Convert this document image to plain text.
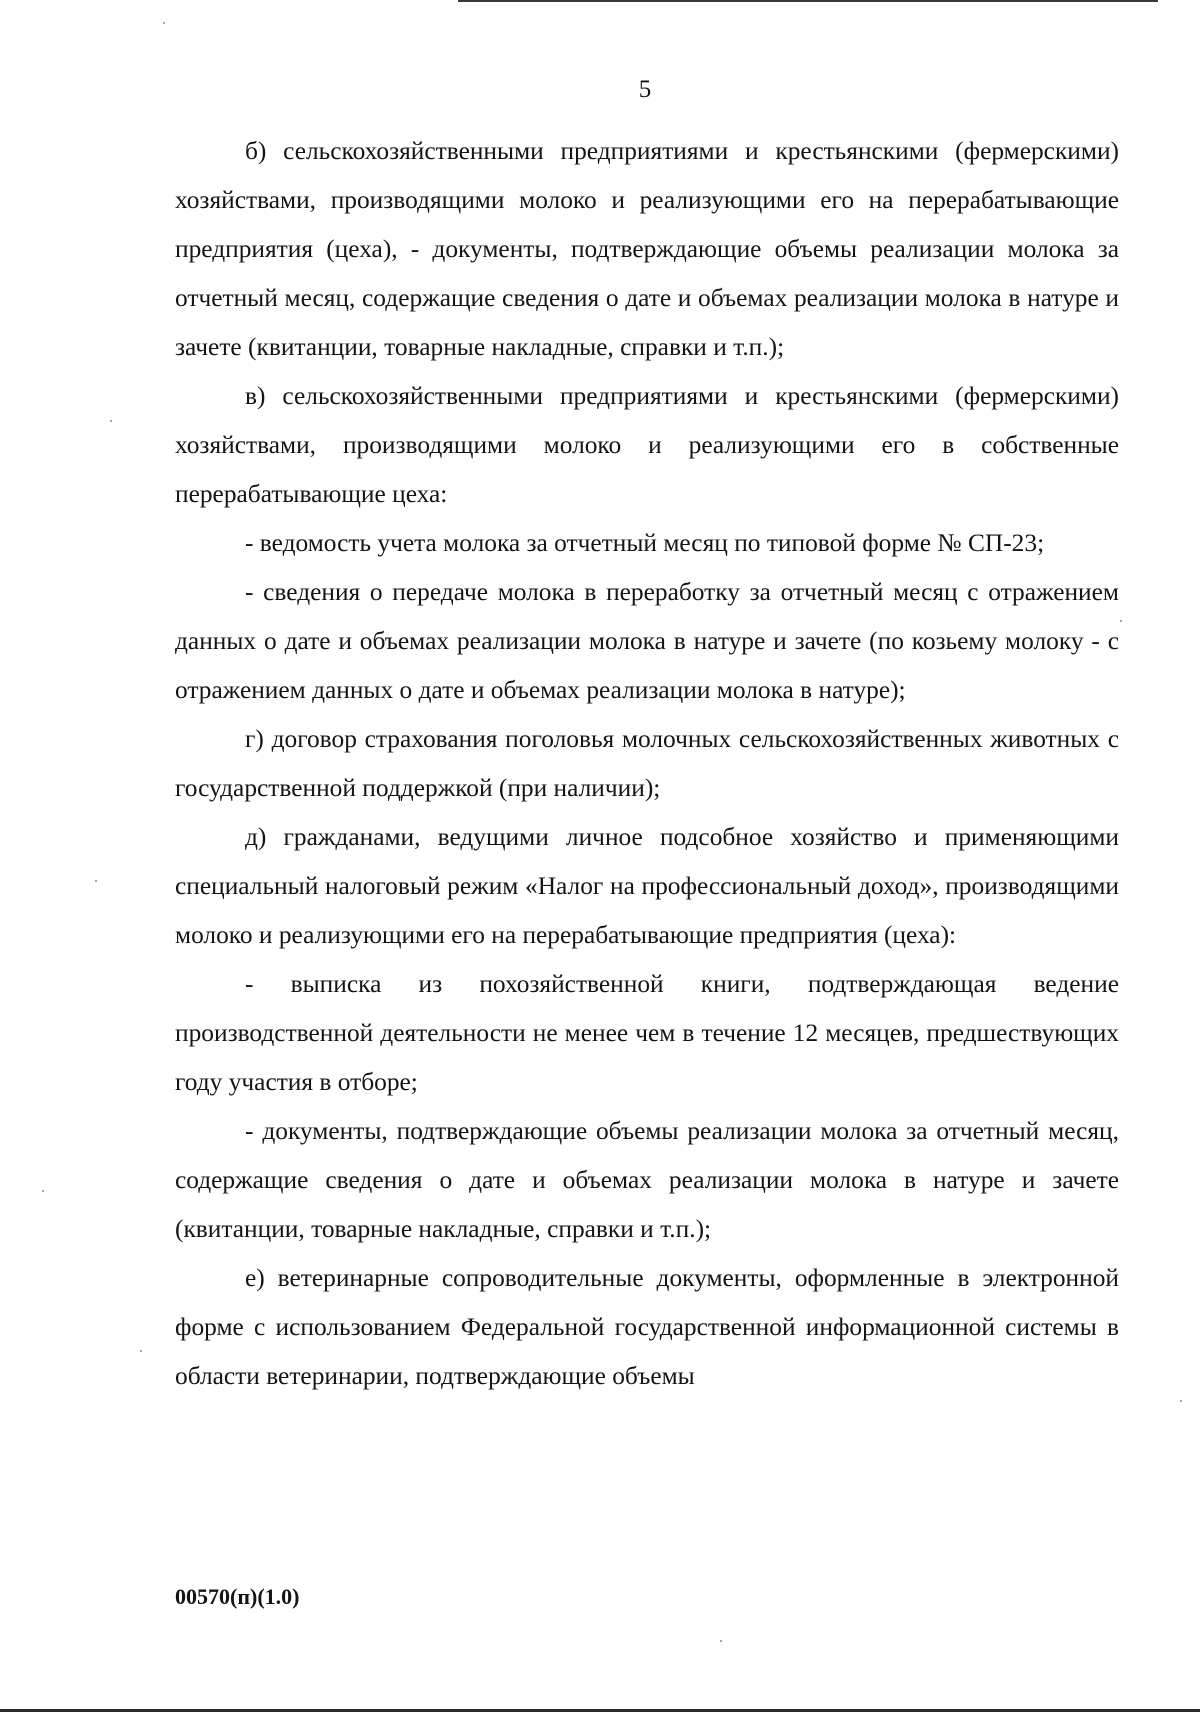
5

б) сельскохозяйственными предприятиями и крестьянскими (фермерскими) хозяйствами, производящими молоко и реализующими его на перерабатывающие предприятия (цеха), - документы, подтверждающие объемы реализации молока за отчетный месяц, содержащие сведения о дате и объемах реализации молока в натуре и зачете (квитанции, товарные накладные, справки и т.п.);

в) сельскохозяйственными предприятиями и крестьянскими (фермерскими) хозяйствами, производящими молоко и реализующими его в собственные перерабатывающие цеха:

- ведомость учета молока за отчетный месяц по типовой форме № СП-23;

- сведения о передаче молока в переработку за отчетный месяц с отражением данных о дате и объемах реализации молока в натуре и зачете (по козьему молоку - с отражением данных о дате и объемах реализации молока в натуре);

г) договор страхования поголовья молочных сельскохозяйственных животных с государственной поддержкой (при наличии);

д) гражданами, ведущими личное подсобное хозяйство и применяющими специальный налоговый режим «Налог на профессиональный доход», производящими молоко и реализующими его на перерабатывающие предприятия (цеха):

- выписка из похозяйственной книги, подтверждающая ведение производственной деятельности не менее чем в течение 12 месяцев, предшествующих году участия в отборе;

- документы, подтверждающие объемы реализации молока за отчетный месяц, содержащие сведения о дате и объемах реализации молока в натуре и зачете (квитанции, товарные накладные, справки и т.п.);

е) ветеринарные сопроводительные документы, оформленные в электронной форме с использованием Федеральной государственной информационной системы в области ветеринарии, подтверждающие объемы

00570(п)(1.0)
